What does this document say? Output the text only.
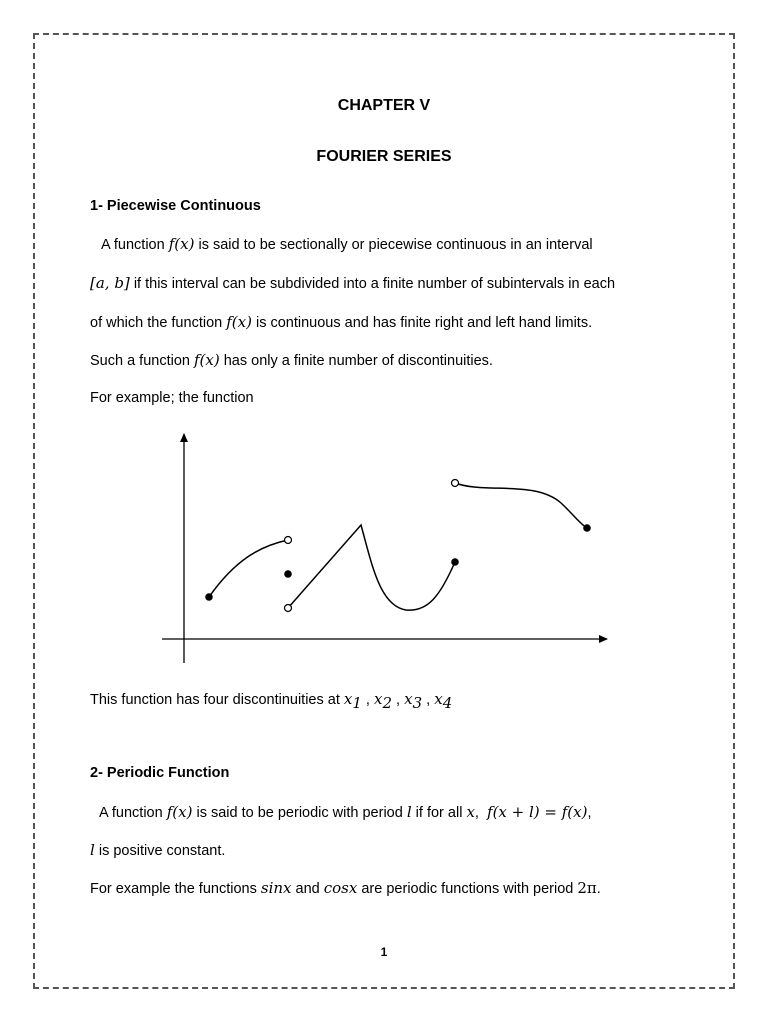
CHAPTER V
FOURIER SERIES
1- Piecewise Continuous
A function f(x) is said to be sectionally or piecewise continuous in an interval
[a, b] if this interval can be subdivided into a finite number of subintervals in each
of which the function f(x) is continuous and has finite right and left hand limits.
Such a function f(x) has only a finite number of discontinuities.
For example; the function
This function has four discontinuities at $x_1$ , $x_2$ , $x_3$ , $x_4$
2- Periodic Function
A function f(x) is said to be periodic with period l if for all x, f(x + l) = f(x),
l is positive constant.
For example the functions sinx and cosx are periodic functions with period 2π.
1
